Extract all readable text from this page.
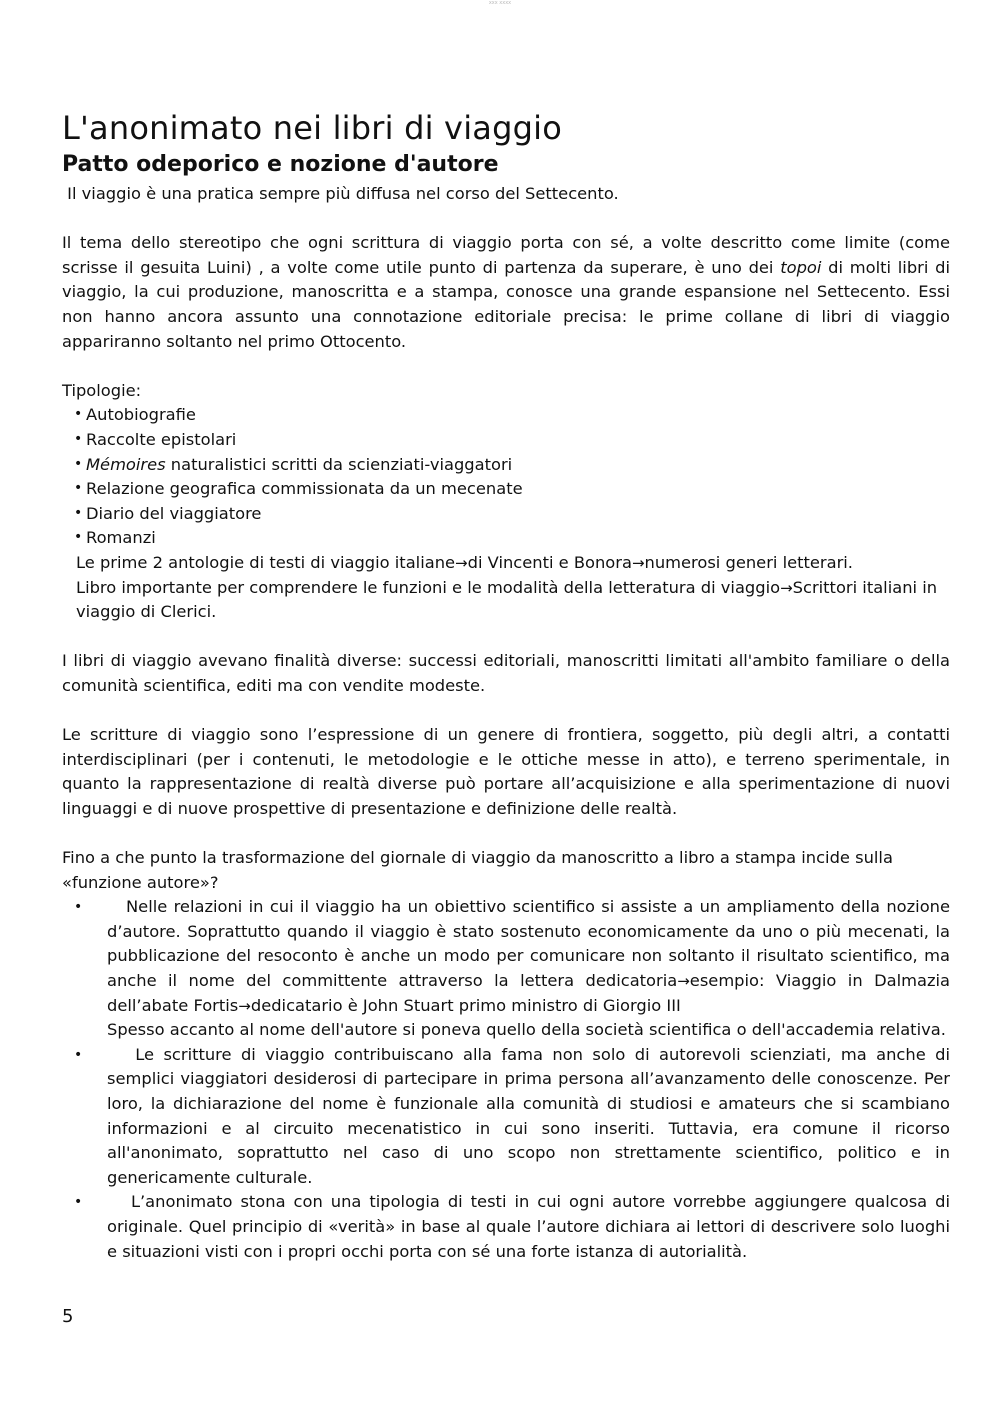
xxx xxxx
L'anonimato nei libri di viaggio
Patto odeporico e nozione d'autore

Il viaggio è una pratica sempre più diffusa nel corso del Settecento.

Il tema dello stereotipo che ogni scrittura di viaggio porta con sé, a volte descritto come limite (come scrisse il gesuita Luini) , a volte come utile punto di partenza da superare, è uno dei topoi di molti libri di viaggio, la cui produzione, manoscritta e a stampa, conosce una grande espansione nel Settecento. Essi non hanno ancora assunto una connotazione editoriale precisa: le prime collane di libri di viaggio appariranno soltanto nel primo Ottocento.

Tipologie:

• Autobiografie
• Raccolte epistolari
• Mémoires naturalistici scritti da scienziati-viaggatori
• Relazione geografica commissionata da un mecenate
• Diario del viaggiatore
• Romanzi

Le prime 2 antologie di testi di viaggio italiane→di Vincenti e Bonora→numerosi generi letterari.

Libro importante per comprendere le funzioni e le modalità della letteratura di viaggio→Scrittori italiani in viaggio di Clerici.

I libri di viaggio avevano finalità diverse: successi editoriali, manoscritti limitati all'ambito familiare o della comunità scientifica, editi ma con vendite modeste.

Le scritture di viaggio sono l’espressione di un genere di frontiera, soggetto, più degli altri, a contatti interdisciplinari (per i contenuti, le metodologie e le ottiche messe in atto), e terreno sperimentale, in quanto la rappresentazione di realtà diverse può portare all’acquisizione e alla sperimentazione di nuovi linguaggi e di nuove prospettive di presentazione e definizione delle realtà.

Fino a che punto la trasformazione del giornale di viaggio da manoscritto a libro a stampa incide sulla «funzione autore»?

•	Nelle relazioni in cui il viaggio ha un obiettivo scientifico si assiste a un ampliamento della nozione d’autore. Soprattutto quando il viaggio è stato sostenuto economicamente da uno o più mecenati, la pubblicazione del resoconto è anche un modo per comunicare non soltanto il risultato scientifico, ma anche il nome del committente attraverso la lettera dedicatoria→esempio: Viaggio in Dalmazia dell’abate Fortis→dedicatario è John Stuart primo ministro di Giorgio III
Spesso accanto al nome dell'autore si poneva quello della società scientifica o dell'accademia relativa.
•	Le scritture di viaggio contribuiscano alla fama non solo di autorevoli scienziati, ma anche di semplici viaggiatori desiderosi di partecipare in prima persona all’avanzamento delle conoscenze. Per loro, la dichiarazione del nome è funzionale alla comunità di studiosi e amateurs che si scambiano informazioni e al circuito mecenatistico in cui sono inseriti. Tuttavia, era comune il ricorso all'anonimato, soprattutto nel caso di uno scopo non strettamente scientifico, politico e in genericamente culturale.
•	L’anonimato stona con una tipologia di testi in cui ogni autore vorrebbe aggiungere qualcosa di originale. Quel principio di «verità» in base al quale l’autore dichiara ai lettori di descrivere solo luoghi e situazioni visti con i propri occhi porta con sé una forte istanza di autorialità.
5
